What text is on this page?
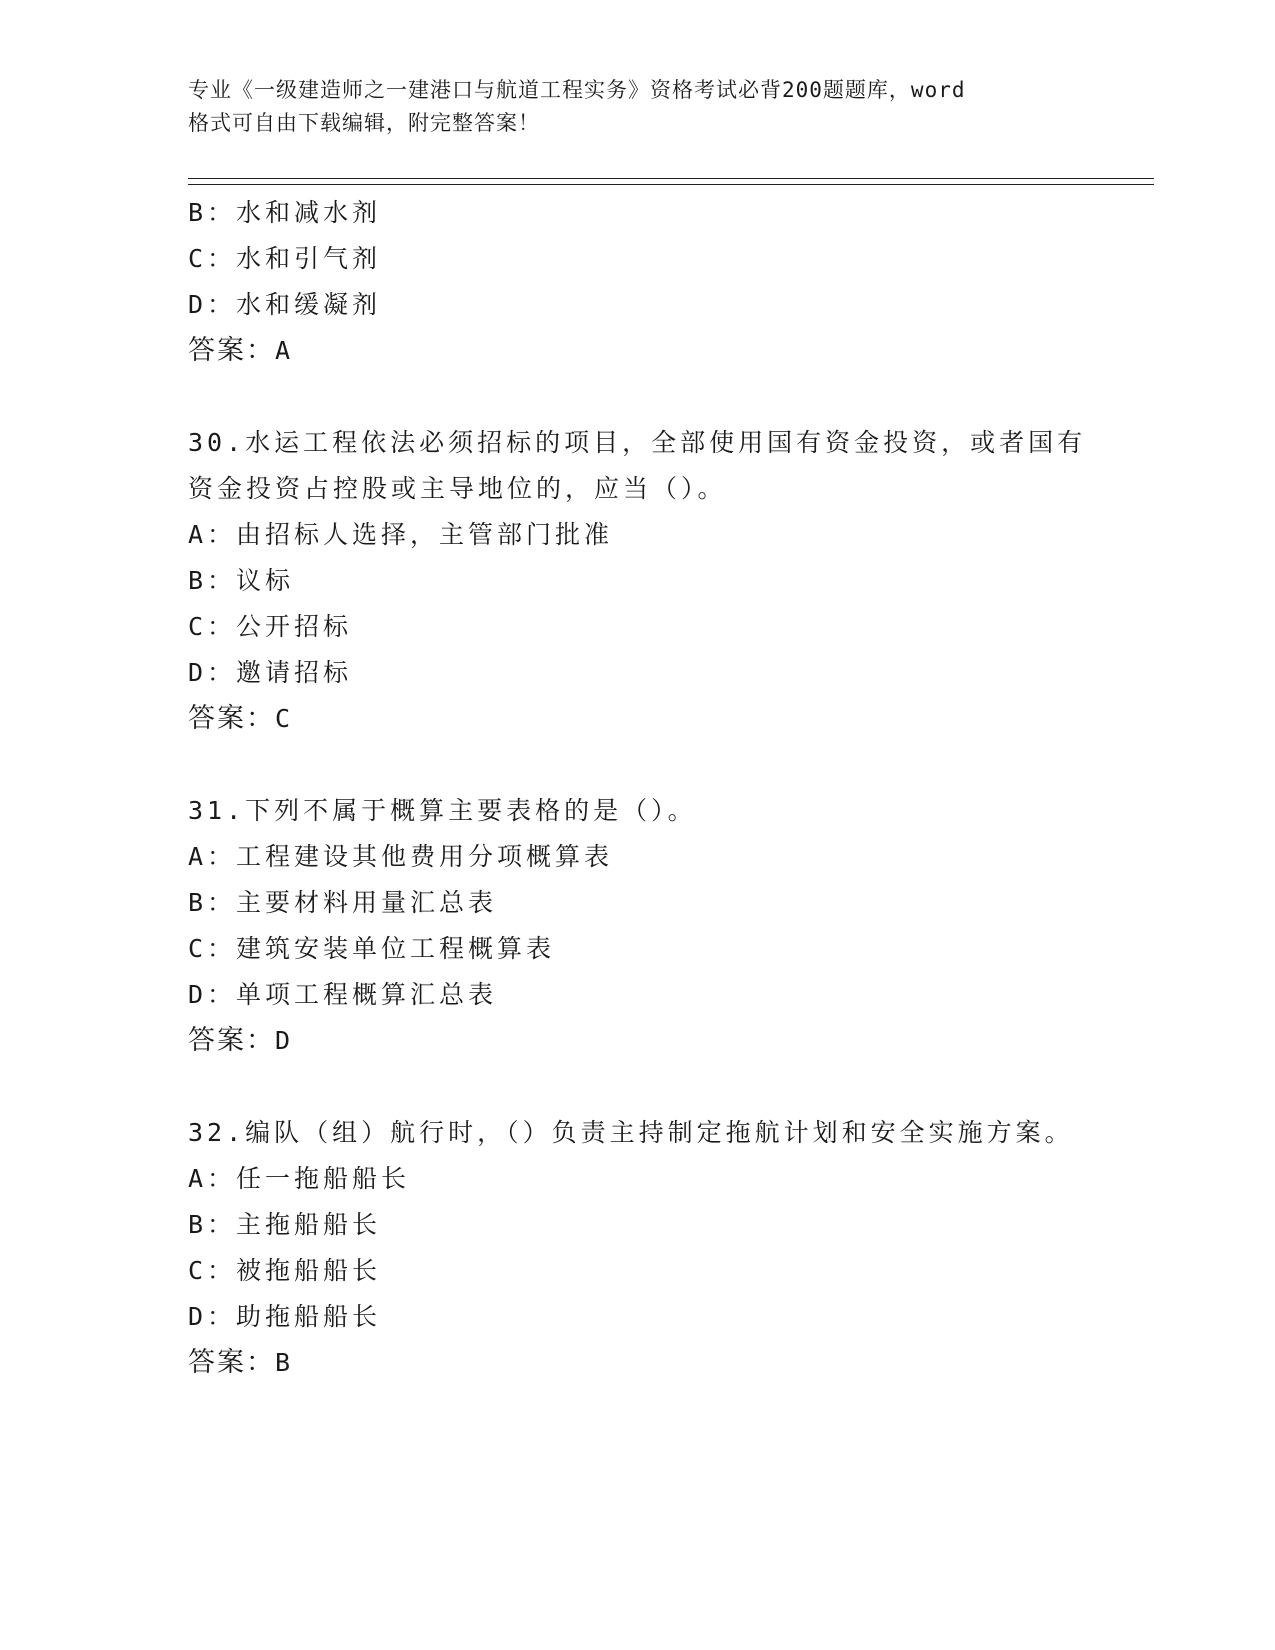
专业《一级建造师之一建港口与航道工程实务》资格考试必背200题题库，word
格式可自由下载编辑，附完整答案！
B：水和减水剂
C：水和引气剂
D：水和缓凝剂
答案：A
30.水运工程依法必须招标的项目，全部使用国有资金投资，或者国有
资金投资占控股或主导地位的，应当（）。
A：由招标人选择，主管部门批准
B：议标
C：公开招标
D：邀请招标
答案：C
31.下列不属于概算主要表格的是（）。
A：工程建设其他费用分项概算表
B：主要材料用量汇总表
C：建筑安装单位工程概算表
D：单项工程概算汇总表
答案：D
32.编队（组）航行时，（）负责主持制定拖航计划和安全实施方案。
A：任一拖船船长
B：主拖船船长
C：被拖船船长
D：助拖船船长
答案：B
